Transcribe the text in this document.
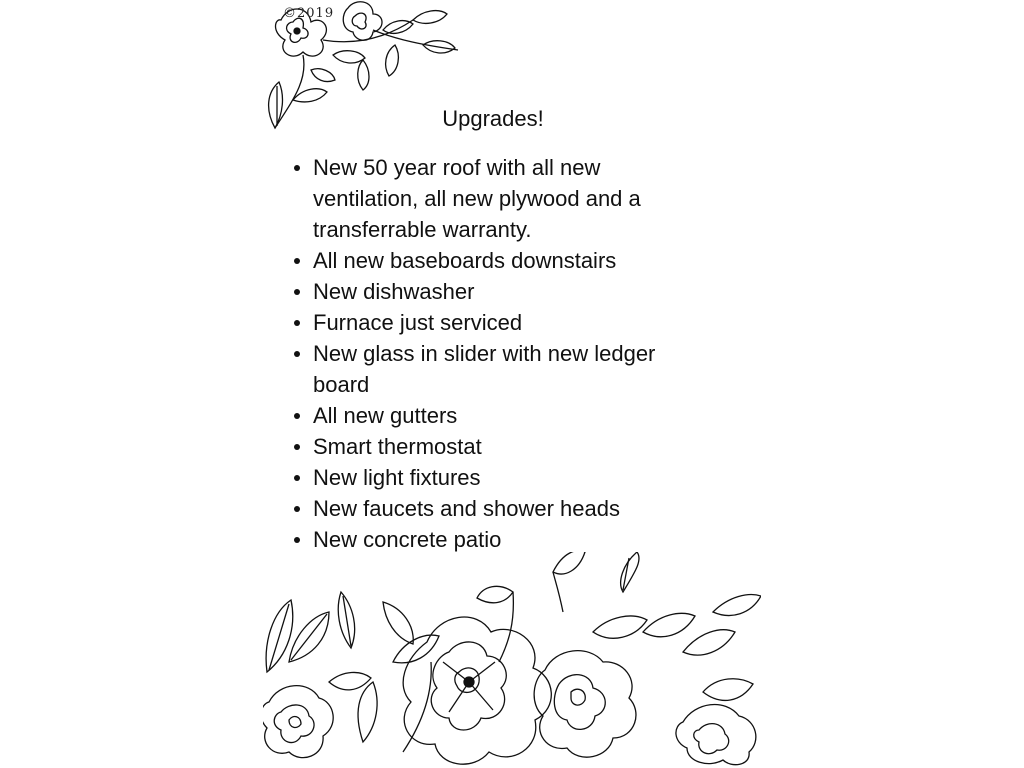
©2019
Upgrades!
New 50 year roof with all new ventilation, all new plywood and a transferrable warranty.
All new baseboards downstairs
New dishwasher
Furnace just serviced
New glass in slider with new ledger board
All new gutters
Smart thermostat
New light fixtures
New faucets and shower heads
New concrete patio
